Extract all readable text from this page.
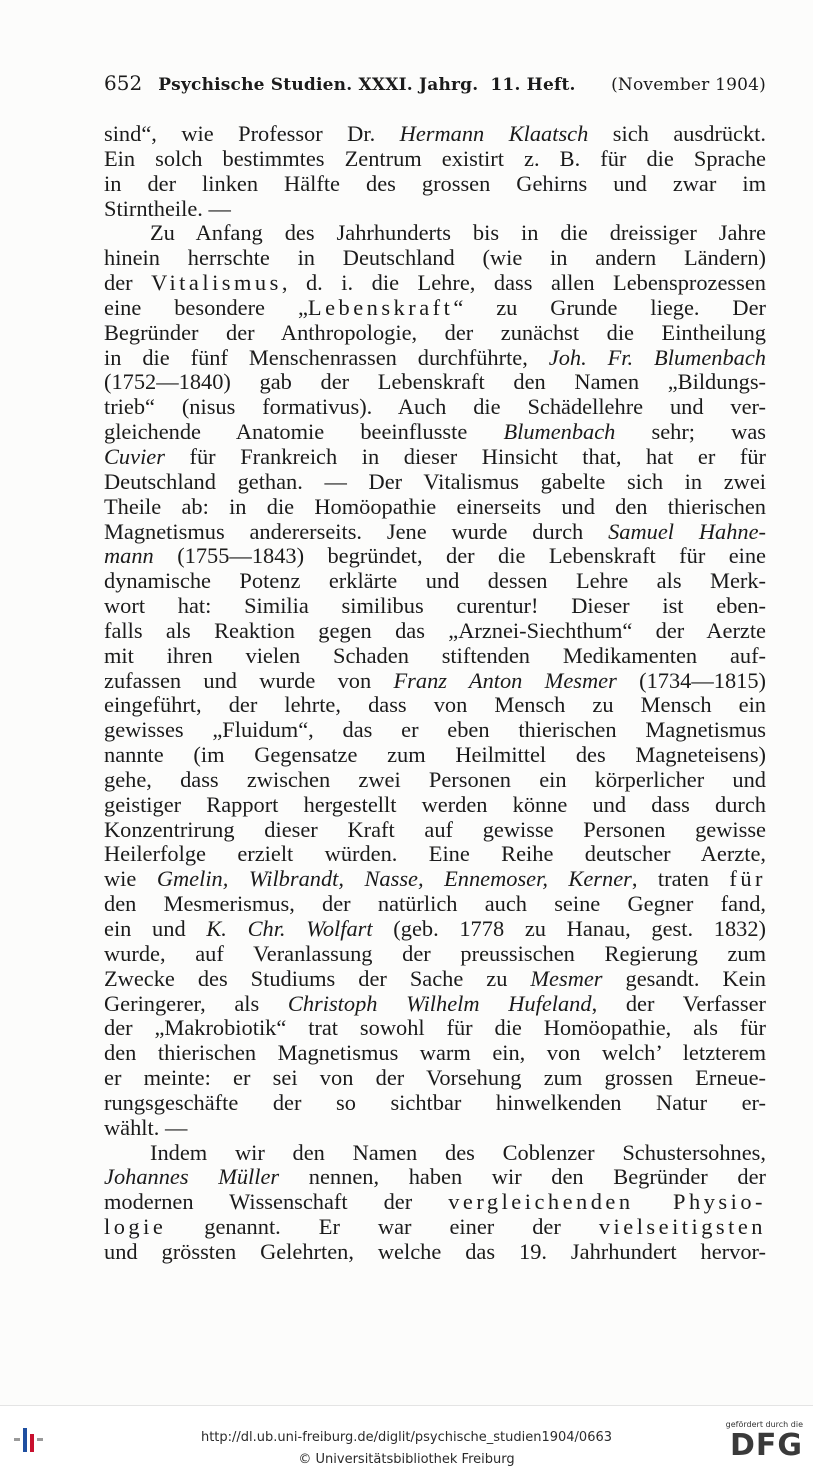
652 Psychische Studien. XXXI. Jahrg. 11. Heft. (November 1904)
sind“, wie Professor Dr. Hermann Klaatsch sich ausdrückt.
Ein solch bestimmtes Zentrum existirt z. B. für die Sprache
in der linken Hälfte des grossen Gehirns und zwar im
Stirntheile. —
Zu Anfang des Jahrhunderts bis in die dreissiger Jahre
hinein herrschte in Deutschland (wie in andern Ländern)
der Vitalismus, d. i. die Lehre, dass allen Lebensprozessen
eine besondere „Lebenskraft“ zu Grunde liege. Der
Begründer der Anthropologie, der zunächst die Eintheilung
in die fünf Menschenrassen durchführte, Joh. Fr. Blumenbach
(1752—1840) gab der Lebenskraft den Namen „Bildungs-
trieb“ (nisus formativus). Auch die Schädellehre und ver-
gleichende Anatomie beeinflusste Blumenbach sehr; was
Cuvier für Frankreich in dieser Hinsicht that, hat er für
Deutschland gethan. — Der Vitalismus gabelte sich in zwei
Theile ab: in die Homöopathie einerseits und den thierischen
Magnetismus andererseits. Jene wurde durch Samuel Hahne-
mann (1755—1843) begründet, der die Lebenskraft für eine
dynamische Potenz erklärte und dessen Lehre als Merk-
wort hat: Similia similibus curentur! Dieser ist eben-
falls als Reaktion gegen das „Arznei-Siechthum“ der Aerzte
mit ihren vielen Schaden stiftenden Medikamenten auf-
zufassen und wurde von Franz Anton Mesmer (1734—1815)
eingeführt, der lehrte, dass von Mensch zu Mensch ein
gewisses „Fluidum“, das er eben thierischen Magnetismus
nannte (im Gegensatze zum Heilmittel des Magneteisens)
gehe, dass zwischen zwei Personen ein körperlicher und
geistiger Rapport hergestellt werden könne und dass durch
Konzentrirung dieser Kraft auf gewisse Personen gewisse
Heilerfolge erzielt würden. Eine Reihe deutscher Aerzte,
wie Gmelin, Wilbrandt, Nasse, Ennemoser, Kerner, traten für
den Mesmerismus, der natürlich auch seine Gegner fand,
ein und K. Chr. Wolfart (geb. 1778 zu Hanau, gest. 1832)
wurde, auf Veranlassung der preussischen Regierung zum
Zwecke des Studiums der Sache zu Mesmer gesandt. Kein
Geringerer, als Christoph Wilhelm Hufeland, der Verfasser
der „Makrobiotik“ trat sowohl für die Homöopathie, als für
den thierischen Magnetismus warm ein, von welch’ letzterem
er meinte: er sei von der Vorsehung zum grossen Erneue-
rungsgeschäfte der so sichtbar hinwelkenden Natur er-
wählt. —
Indem wir den Namen des Coblenzer Schustersohnes,
Johannes Müller nennen, haben wir den Begründer der
modernen Wissenschaft der vergleichenden Physio-
logie genannt. Er war einer der vielseitigsten
und grössten Gelehrten, welche das 19. Jahrhundert hervor-
http://dl.ub.uni-freiburg.de/diglit/psychische_studien1904/0663
© Universitätsbibliothek Freiburg
gefördert durch die
DFG
